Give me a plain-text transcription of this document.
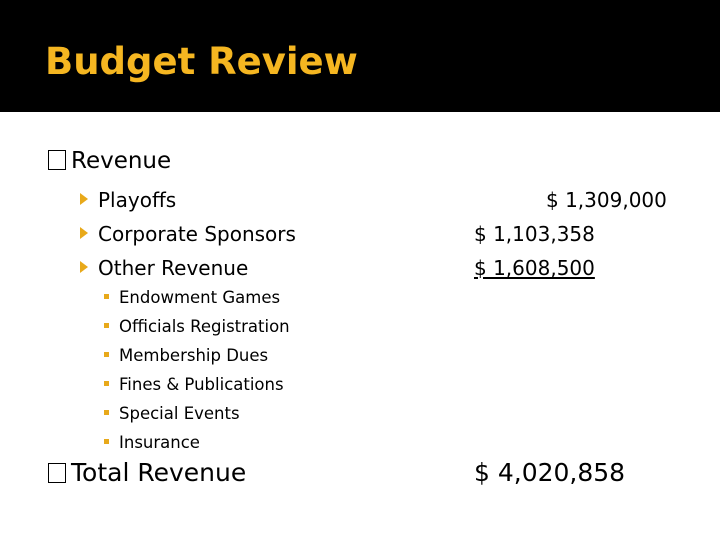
Budget Review
Revenue
Playoffs	$ 1,309,000
Corporate Sponsors	$ 1,103,358
Other Revenue	$ 1,608,500
Endowment Games
Officials Registration
Membership Dues
Fines & Publications
Special Events
Insurance
Total Revenue	$ 4,020,858
